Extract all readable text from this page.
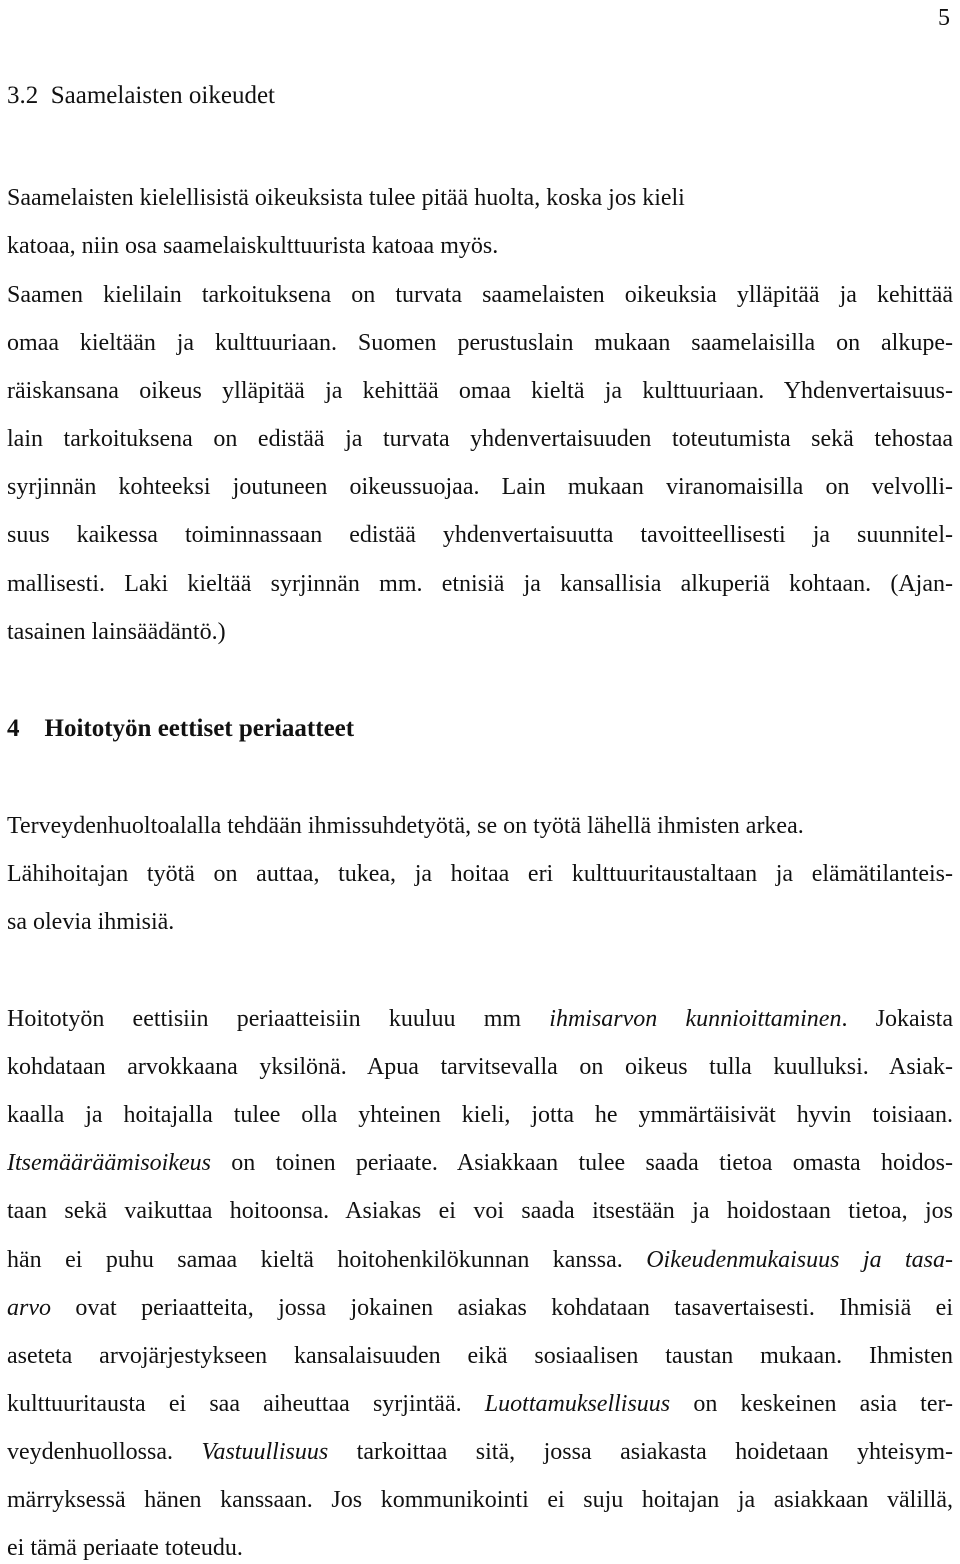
5
3.2 Saamelaisten oikeudet
Saamelaisten kielellisistä oikeuksista tulee pitää huolta, koska jos kieli
katoaa, niin osa saamelaiskulttuurista katoaa myös.
Saamen kielilain tarkoituksena on turvata saamelaisten oikeuksia ylläpitää ja kehittää
omaa kieltään ja kulttuuriaan. Suomen perustuslain mukaan saamelaisilla on alkupe-
räiskansana oikeus ylläpitää ja kehittää omaa kieltä ja kulttuuriaan. Yhdenvertaisuus-
lain tarkoituksena on edistää ja turvata yhdenvertaisuuden toteutumista sekä tehostaa
syrjinnän kohteeksi joutuneen oikeussuojaa. Lain mukaan viranomaisilla on velvolli-
suus kaikessa toiminnassaan edistää yhdenvertaisuutta tavoitteellisesti ja suunnitel-
mallisesti. Laki kieltää syrjinnän mm. etnisiä ja kansallisia alkuperiä kohtaan. (Ajan-
tasainen lainsäädäntö.)
4 Hoitotyön eettiset periaatteet
Terveydenhuoltoalalla tehdään ihmissuhdetyötä, se on työtä lähellä ihmisten arkea.
Lähihoitajan työtä on auttaa, tukea, ja hoitaa eri kulttuuritaustaltaan ja elämätilanteis-
sa olevia ihmisiä.
Hoitotyön eettisiin periaatteisiin kuuluu mm ihmisarvon kunnioittaminen. Jokaista
kohdataan arvokkaana yksilönä. Apua tarvitsevalla on oikeus tulla kuulluksi. Asiak-
kaalla ja hoitajalla tulee olla yhteinen kieli, jotta he ymmärtäisivät hyvin toisiaan.
Itsemääräämisoikeus on toinen periaate. Asiakkaan tulee saada tietoa omasta hoidos-
taan sekä vaikuttaa hoitoonsa. Asiakas ei voi saada itsestään ja hoidostaan tietoa, jos
hän ei puhu samaa kieltä hoitohenkilökunnan kanssa. Oikeudenmukaisuus ja tasa-
arvo ovat periaatteita, jossa jokainen asiakas kohdataan tasavertaisesti. Ihmisiä ei
aseteta arvojärjestykseen kansalaisuuden eikä sosiaalisen taustan mukaan. Ihmisten
kulttuuritausta ei saa aiheuttaa syrjintää. Luottamuksellisuus on keskeinen asia ter-
veydenhuollossa. Vastuullisuus tarkoittaa sitä, jossa asiakasta hoidetaan yhteisym-
märryksessä hänen kanssaan. Jos kommunikointi ei suju hoitajan ja asiakkaan välillä,
ei tämä periaate toteudu.
